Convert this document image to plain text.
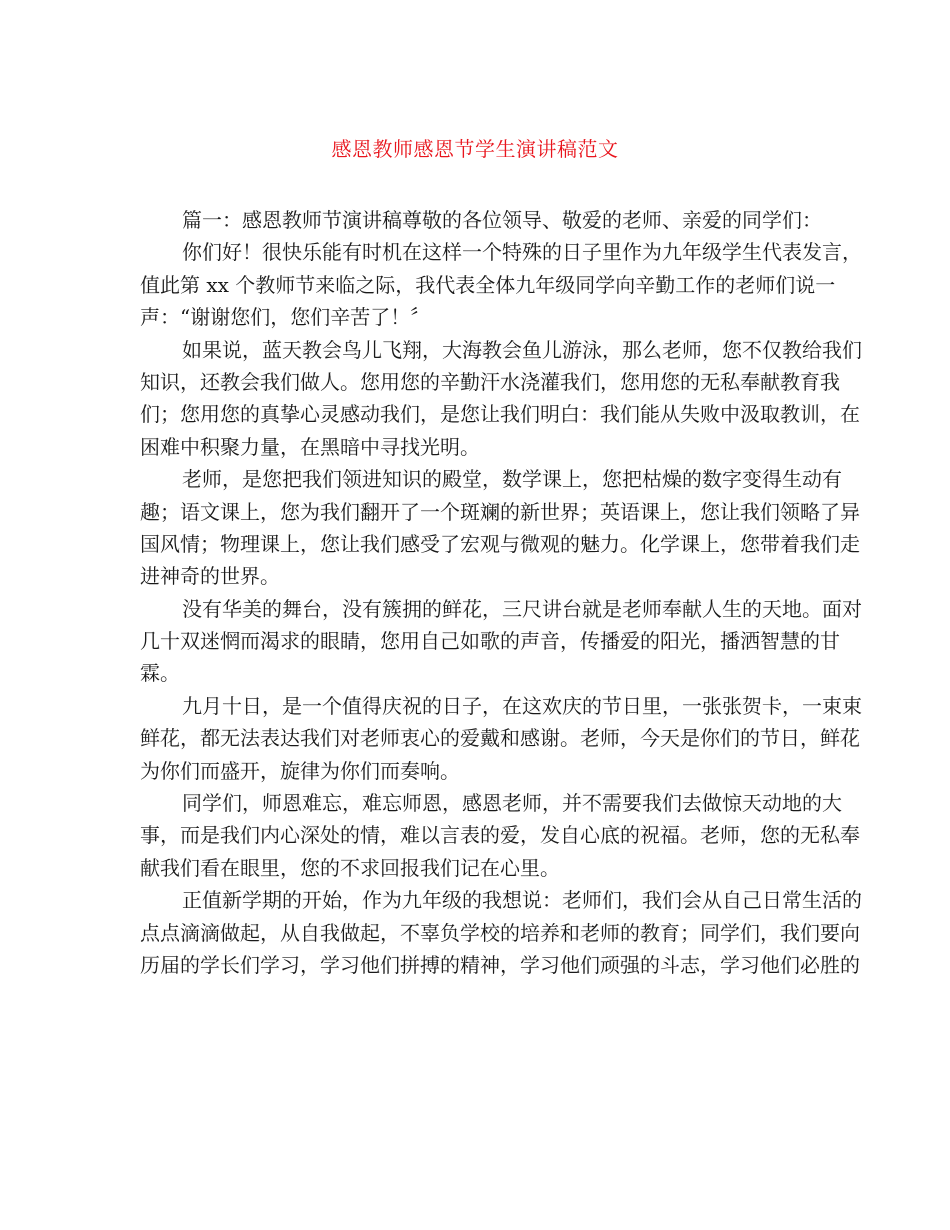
感恩教师感恩节学生演讲稿范文
篇一：感恩教师节演讲稿尊敬的各位领导、敬爱的老师、亲爱的同学们：
你们好！很快乐能有时机在这样一个特殊的日子里作为九年级学生代表发言，
值此第 xx 个教师节来临之际，我代表全体九年级同学向辛勤工作的老师们说一
声：“谢谢您们，您们辛苦了！〞
如果说，蓝天教会鸟儿飞翔，大海教会鱼儿游泳，那么老师，您不仅教给我们
知识，还教会我们做人。您用您的辛勤汗水浇灌我们，您用您的无私奉献教育我
们；您用您的真挚心灵感动我们，是您让我们明白：我们能从失败中汲取教训，在
困难中积聚力量，在黑暗中寻找光明。
老师，是您把我们领进知识的殿堂，数学课上，您把枯燥的数字变得生动有
趣；语文课上，您为我们翻开了一个斑斓的新世界；英语课上，您让我们领略了异
国风情；物理课上，您让我们感受了宏观与微观的魅力。化学课上，您带着我们走
进神奇的世界。
没有华美的舞台，没有簇拥的鲜花，三尺讲台就是老师奉献人生的天地。面对
几十双迷惘而渴求的眼睛，您用自己如歌的声音，传播爱的阳光，播洒智慧的甘
霖。
九月十日，是一个值得庆祝的日子，在这欢庆的节日里，一张张贺卡，一束束
鲜花，都无法表达我们对老师衷心的爱戴和感谢。老师，今天是你们的节日，鲜花
为你们而盛开，旋律为你们而奏响。
同学们，师恩难忘，难忘师恩，感恩老师，并不需要我们去做惊天动地的大
事，而是我们内心深处的情，难以言表的爱，发自心底的祝福。老师，您的无私奉
献我们看在眼里，您的不求回报我们记在心里。
正值新学期的开始，作为九年级的我想说：老师们，我们会从自己日常生活的
点点滴滴做起，从自我做起，不辜负学校的培养和老师的教育；同学们，我们要向
历届的学长们学习，学习他们拼搏的精神，学习他们顽强的斗志，学习他们必胜的
